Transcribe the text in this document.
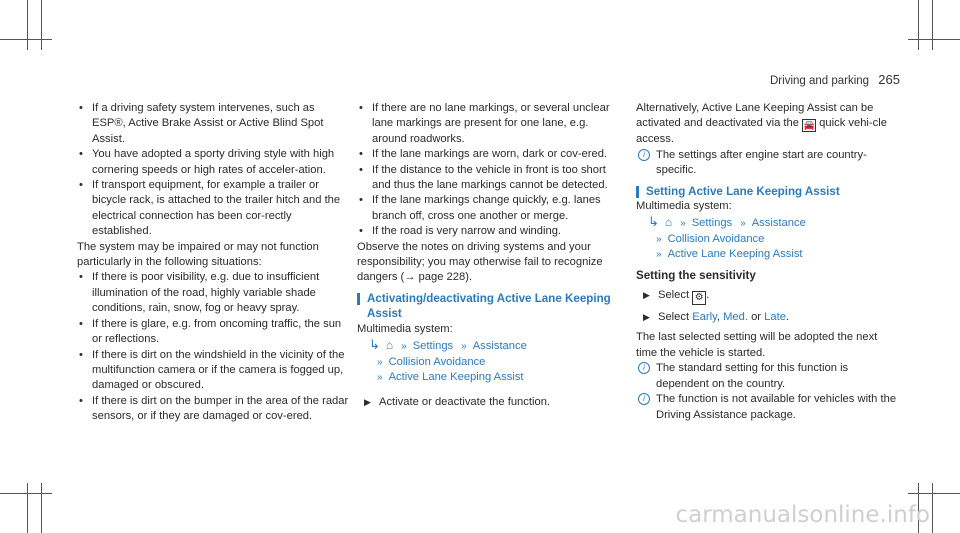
Driving and parking 265

• If a driving safety system intervenes, such as ESP®, Active Brake Assist or Active Blind Spot Assist.

• You have adopted a sporty driving style with high cornering speeds or high rates of acceler-ation.

• If transport equipment, for example a trailer or bicycle rack, is attached to the trailer hitch and the electrical connection has been cor-rectly established.

The system may be impaired or may not function particularly in the following situations:

• If there is poor visibility, e.g. due to insufficient illumination of the road, highly variable shade conditions, rain, snow, fog or heavy spray.

• If there is glare, e.g. from oncoming traffic, the sun or reflections.

• If there is dirt on the windshield in the vicinity of the multifunction camera or if the camera is fogged up, damaged or obscured.

• If there is dirt on the bumper in the area of the radar sensors, or if they are damaged or cov-ered.

• If there are no lane markings, or several unclear lane markings are present for one lane, e.g. around roadworks.

• If the lane markings are worn, dark or cov-ered.

• If the distance to the vehicle in front is too short and thus the lane markings cannot be detected.

• If the lane markings change quickly, e.g. lanes branch off, cross one another or merge.

• If the road is very narrow and winding.

Observe the notes on driving systems and your responsibility; you may otherwise fail to recognize dangers (→ page 228).

Activating/deactivating Active Lane Keeping Assist

Multimedia system:

↳ ⌂ » Settings » Assistance

» Collision Avoidance

» Active Lane Keeping Assist

▶ Activate or deactivate the function.

Alternatively, Active Lane Keeping Assist can be activated and deactivated via the 🚘 quick vehi-cle access.

i The settings after engine start are country-specific.

Setting Active Lane Keeping Assist

Multimedia system:

↳ ⌂ » Settings » Assistance

» Collision Avoidance

» Active Lane Keeping Assist

Setting the sensitivity

▶ Select ⚙ .

▶ Select Early, Med. or Late.

The last selected setting will be adopted the next time the vehicle is started.

i The standard setting for this function is dependent on the country.

i The function is not available for vehicles with the Driving Assistance package.

carmanualsonline.info
